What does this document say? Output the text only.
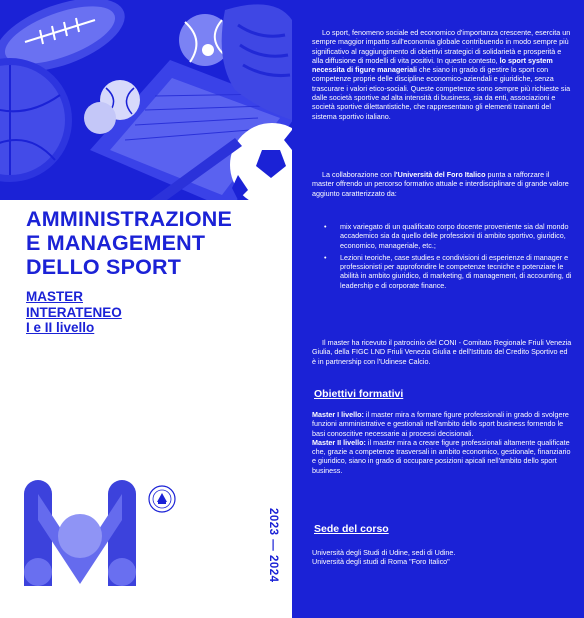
AMMINISTRAZIONE
E MANAGEMENT
DELLO SPORT
MASTER
INTERATENEO
I e II livello
2023 — 2024

Lo sport, fenomeno sociale ed economico d'importanza crescente, esercita un sempre maggior impatto sull'economia globale contribuendo in modo sempre più significativo al raggiungimento di obiettivi strategici di solidarietà e prosperità e alla diffusione di modelli di vita positivi. In questo contesto, lo sport system necessita di figure manageriali che siano in grado di gestire lo sport con competenze proprie delle discipline economico-aziendali e giuridiche, senza trascurare i valori etico-sociali. Queste competenze sono sempre più richieste sia dalle società sportive ad alta intensità di business, sia da enti, associazioni e società sportive dilettantistiche, che rappresentano gli elementi trainanti del sistema sportivo italiano.

La collaborazione con l'Università del Foro Italico punta a rafforzare il master offrendo un percorso formativo attuale e interdisciplinare di grande valore aggiunto caratterizzato da:

• mix variegato di un qualificato corpo docente proveniente sia dal mondo accademico sia da quello delle professioni di ambito sportivo, giuridico, economico, manageriale, etc.;
• Lezioni teoriche, case studies e condivisioni di esperienze di manager e professionisti per approfondire le competenze tecniche e potenziare le abilità in ambito giuridico, di marketing, di management, di accounting, di leadership e di corporate finance.

Il master ha ricevuto il patrocinio del CONI - Comitato Regionale Friuli Venezia Giulia, della FIGC LND Friuli Venezia Giulia e dell'Istituto del Credito Sportivo ed è in partnership con l'Udinese Calcio.

Obiettivi formativi

Master I livello: il master mira a formare figure professionali in grado di svolgere funzioni amministrative e gestionali nell'ambito dello sport business fornendo le basi conoscitive necessarie ai processi decisionali.

Master II livello: il master mira a creare figure professionali altamente qualificate che, grazie a competenze trasversali in ambito economico, gestionale, finanziario e giuridico, siano in grado di occupare posizioni apicali nell'ambito dello sport business.

Sede del corso

Università degli Studi di Udine, sedi di Udine.

Università degli studi di Roma "Foro Italico"
